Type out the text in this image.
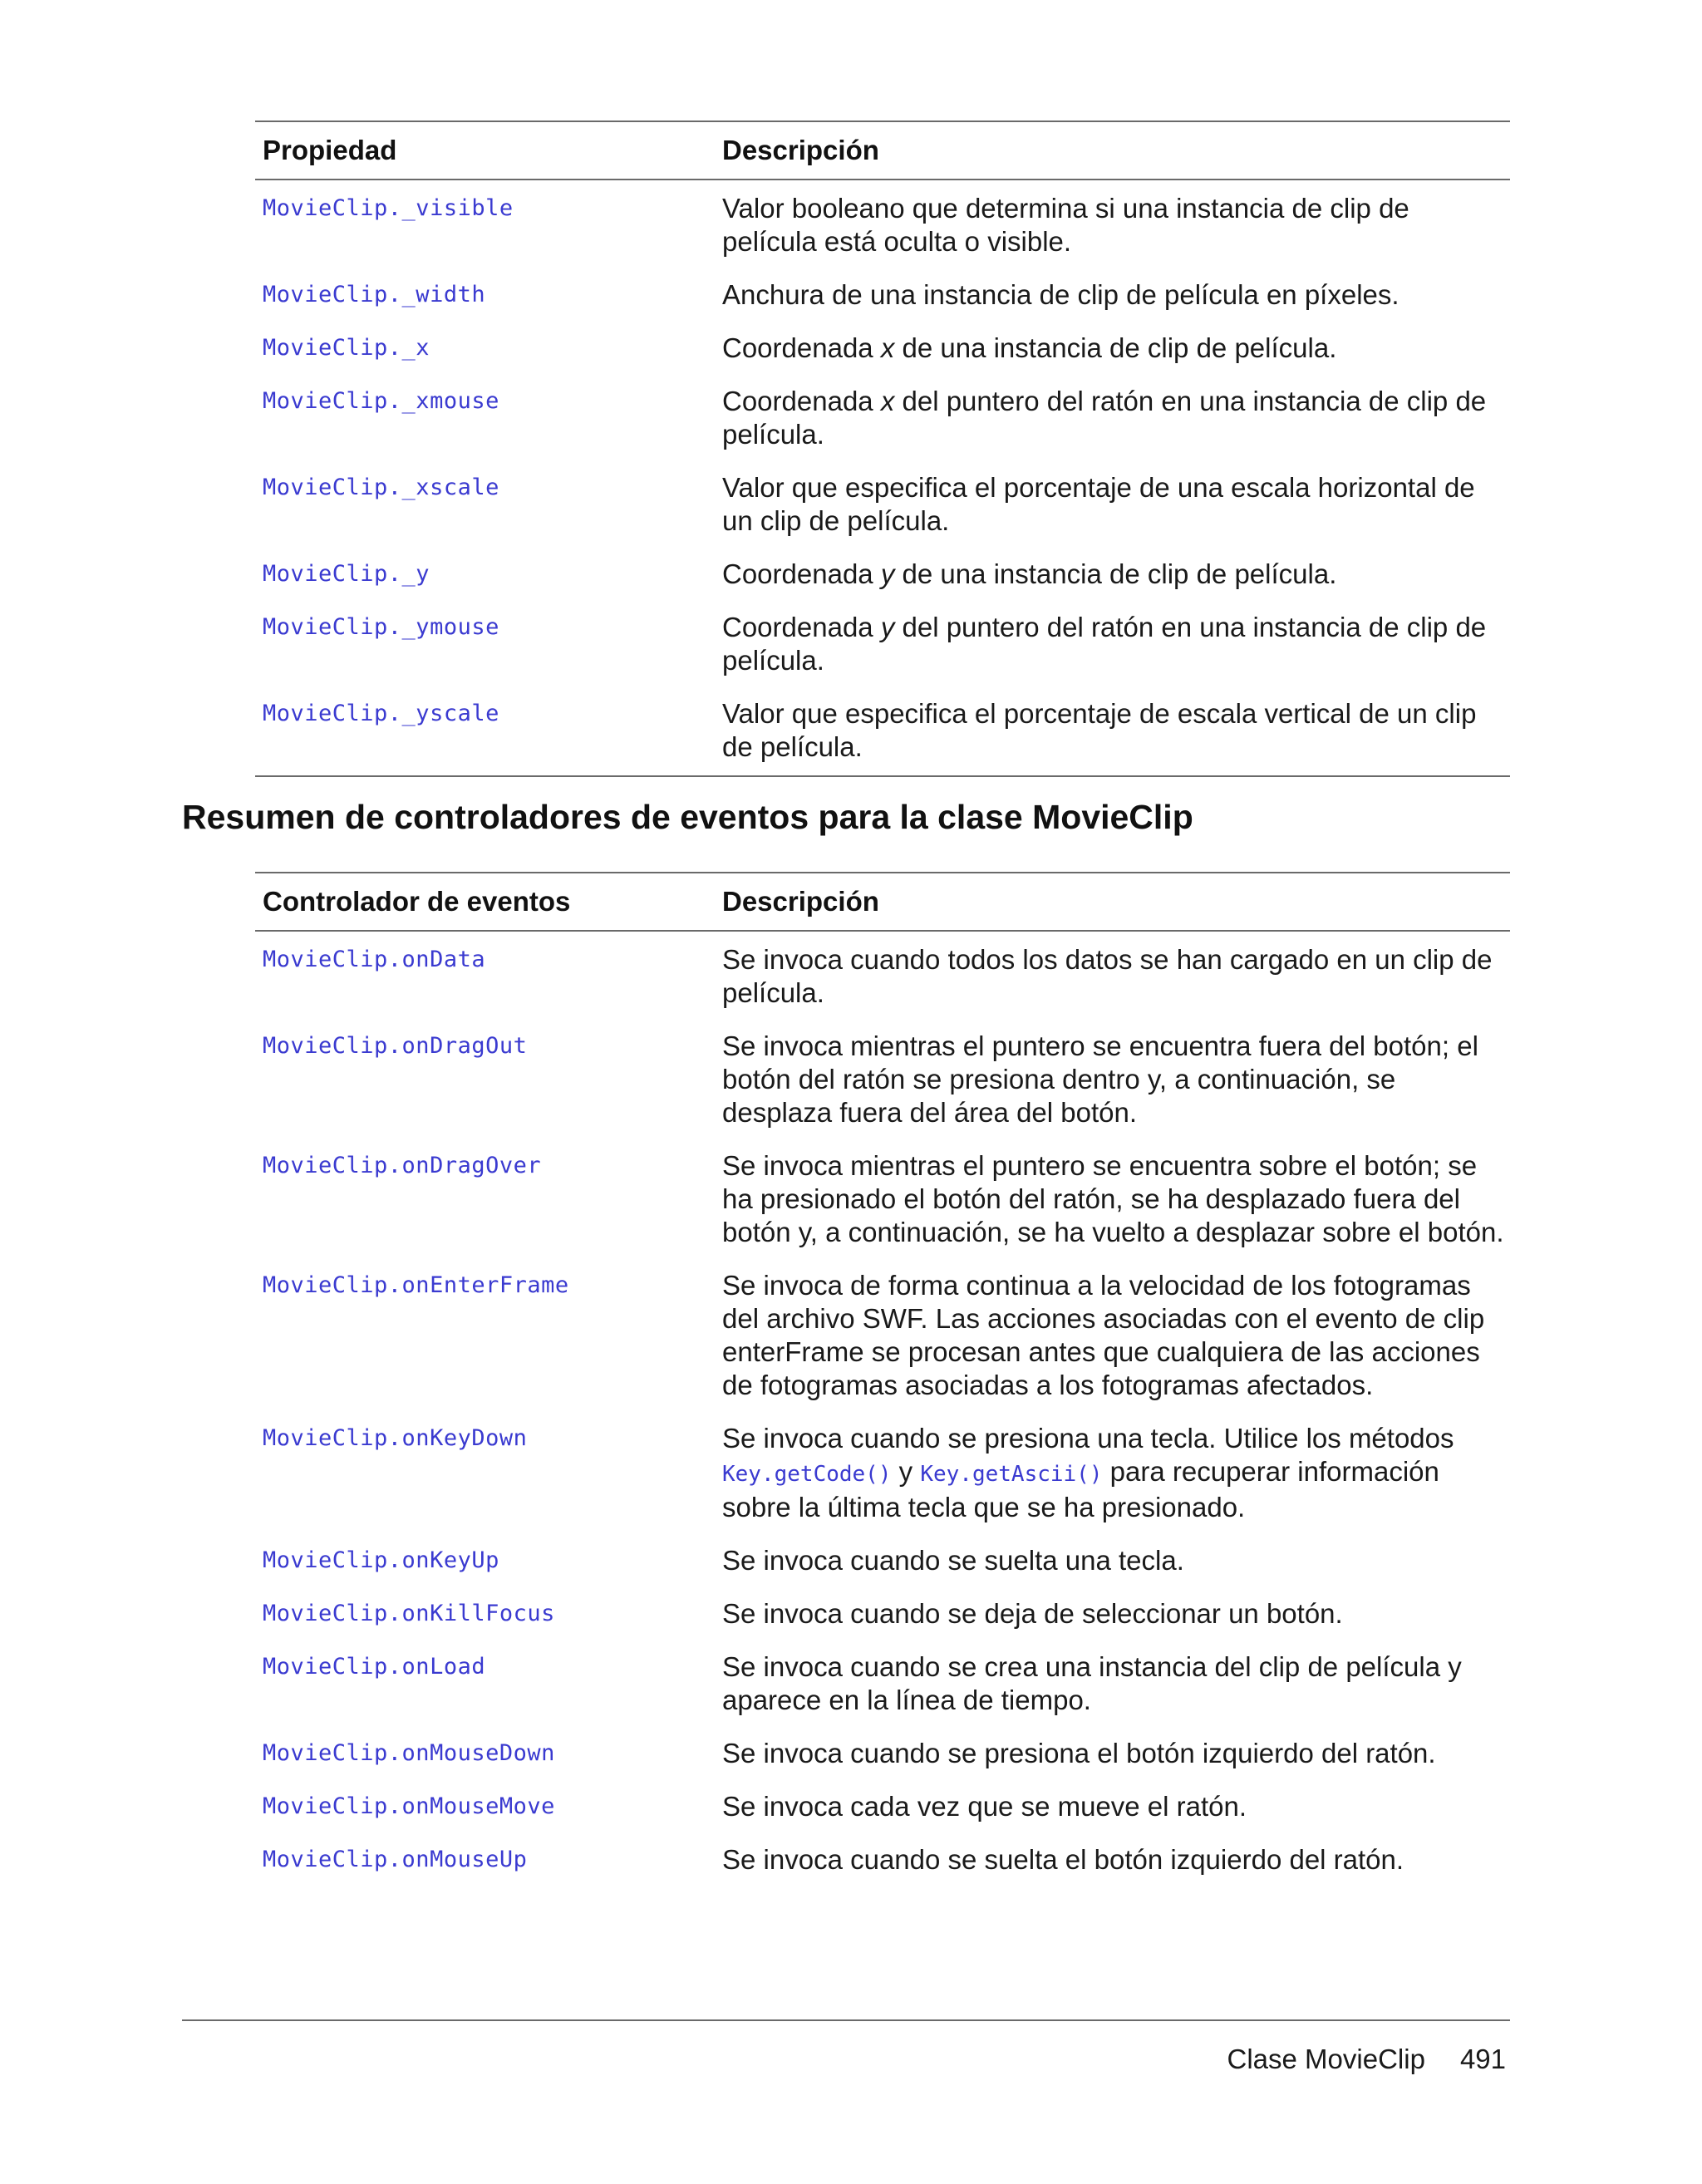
Propiedad	Descripción
MovieClip._visible	Valor booleano que determina si una instancia de clip de película está oculta o visible.
MovieClip._width	Anchura de una instancia de clip de película en píxeles.
MovieClip._x	Coordenada x de una instancia de clip de película.
MovieClip._xmouse	Coordenada x del puntero del ratón en una instancia de clip de película.
MovieClip._xscale	Valor que especifica el porcentaje de una escala horizontal de un clip de película.
MovieClip._y	Coordenada y de una instancia de clip de película.
MovieClip._ymouse	Coordenada y del puntero del ratón en una instancia de clip de película.
MovieClip._yscale	Valor que especifica el porcentaje de escala vertical de un clip de película.
Resumen de controladores de eventos para la clase MovieClip
Controlador de eventos	Descripción
MovieClip.onData	Se invoca cuando todos los datos se han cargado en un clip de película.
MovieClip.onDragOut	Se invoca mientras el puntero se encuentra fuera del botón; el botón del ratón se presiona dentro y, a continuación, se desplaza fuera del área del botón.
MovieClip.onDragOver	Se invoca mientras el puntero se encuentra sobre el botón; se ha presionado el botón del ratón, se ha desplazado fuera del botón y, a continuación, se ha vuelto a desplazar sobre el botón.
MovieClip.onEnterFrame	Se invoca de forma continua a la velocidad de los fotogramas del archivo SWF. Las acciones asociadas con el evento de clip enterFrame se procesan antes que cualquiera de las acciones de fotogramas asociadas a los fotogramas afectados.
MovieClip.onKeyDown	Se invoca cuando se presiona una tecla. Utilice los métodos Key.getCode() y Key.getAscii() para recuperar información sobre la última tecla que se ha presionado.
MovieClip.onKeyUp	Se invoca cuando se suelta una tecla.
MovieClip.onKillFocus	Se invoca cuando se deja de seleccionar un botón.
MovieClip.onLoad	Se invoca cuando se crea una instancia del clip de película y aparece en la línea de tiempo.
MovieClip.onMouseDown	Se invoca cuando se presiona el botón izquierdo del ratón.
MovieClip.onMouseMove	Se invoca cada vez que se mueve el ratón.
MovieClip.onMouseUp	Se invoca cuando se suelta el botón izquierdo del ratón.
Clase MovieClip 491
